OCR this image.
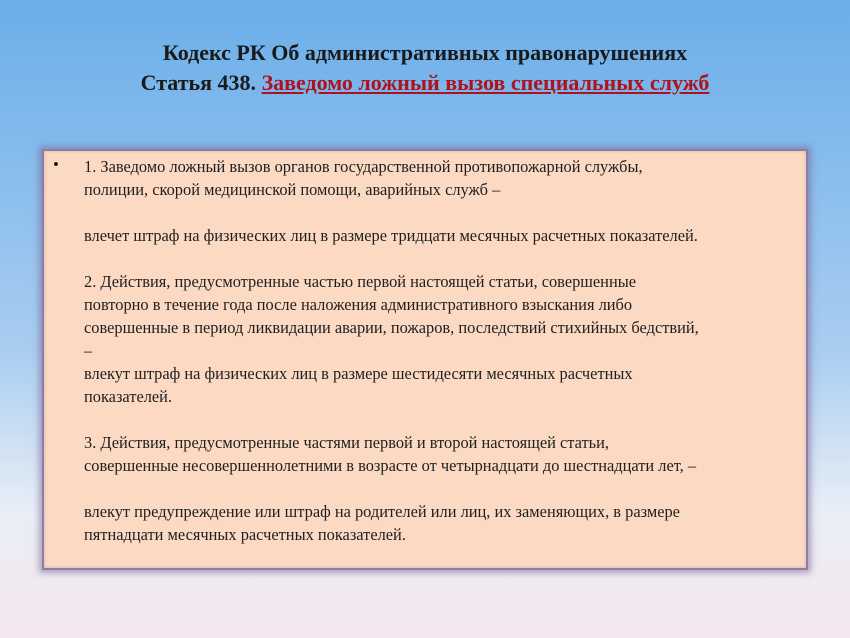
Кодекс РК Об административных правонарушениях
Статья 438. Заведомо ложный вызов специальных служб
• 1. Заведомо ложный вызов органов государственной противопожарной службы,
полиции, скорой медицинской помощи, аварийных служб –

влечет штраф на физических лиц в размере тридцати месячных расчетных показателей.

2. Действия, предусмотренные частью первой настоящей статьи, совершенные
повторно в течение года после наложения административного взыскания либо
совершенные в период ликвидации аварии, пожаров, последствий стихийных бедствий,
–
влекут штраф на физических лиц в размере шестидесяти месячных расчетных
показателей.

3. Действия, предусмотренные частями первой и второй настоящей статьи,
совершенные несовершеннолетними в возрасте от четырнадцати до шестнадцати лет, –

влекут предупреждение или штраф на родителей или лиц, их заменяющих, в размере
пятнадцати месячных расчетных показателей.
